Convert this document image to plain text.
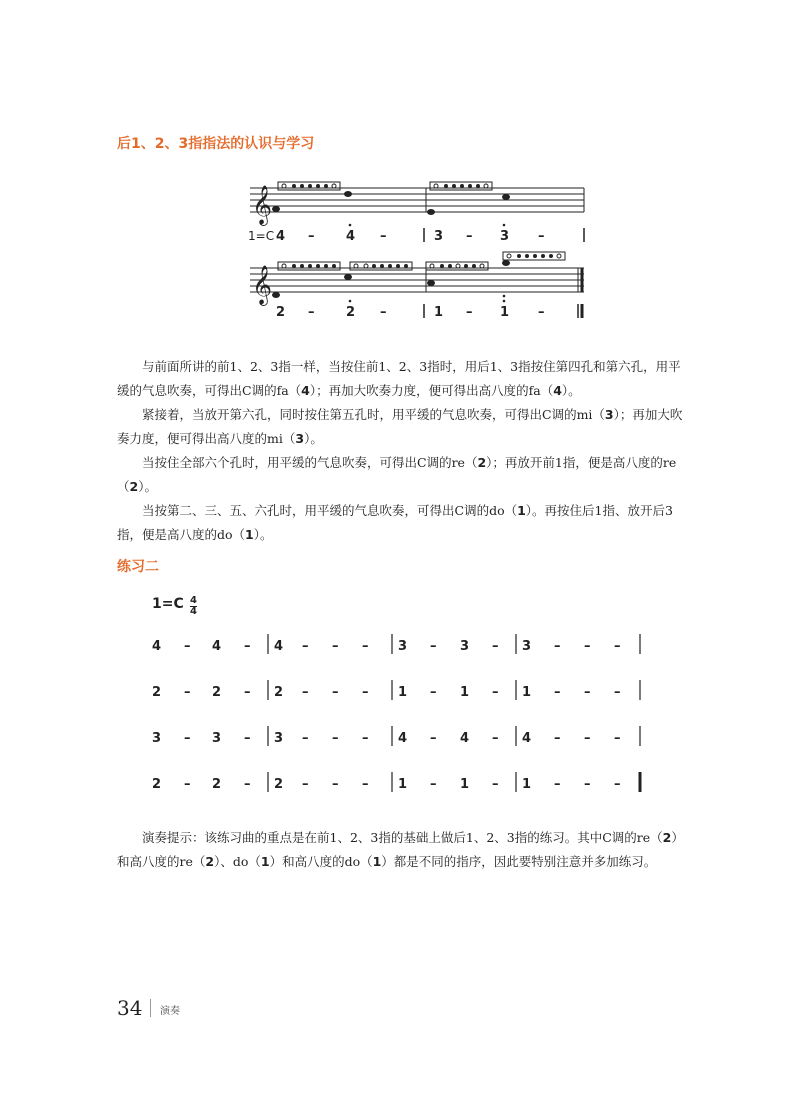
后1、2、3指指法的认识与学习
𝄞
𝄞
1=C 4 – 4 –	3 – 3 –
2 – 2 –	1 – 1 –

与前面所讲的前1、2、3指一样，当按住前1、2、3指时，用后1、3指按住第四孔和第六孔，用平缓的气息吹奏，可得出C调的fa（4）；再加大吹奏力度，便可得出高八度的fa（4）。

紧接着，当放开第六孔，同时按住第五孔时，用平缓的气息吹奏，可得出C调的mi（3）；再加大吹奏力度，便可得出高八度的mi（3）。

当按住全部六个孔时，用平缓的气息吹奏，可得出C调的re（2）；再放开前1指，便是高八度的re（2）。

当按第二、三、五、六孔时，用平缓的气息吹奏，可得出C调的do（1）。再按住后1指、放开后3指，便是高八度的do（1）。

练习二
1=C 4
4
4 – 4 – 4 – – – 3 – 3 – 3 – – –
2 – 2 – 2 – – – 1 – 1 – 1 – – –
3 – 3 – 3 – – – 4 – 4 – 4 – – –
2 – 2 – 2 – – – 1 – 1 – 1 – – –

演奏提示：该练习曲的重点是在前1、2、3指的基础上做后1、2、3指的练习。其中C调的re（2）和高八度的re（2）、do（1）和高八度的do（1）都是不同的指序，因此要特别注意并多加练习。

34 演奏
